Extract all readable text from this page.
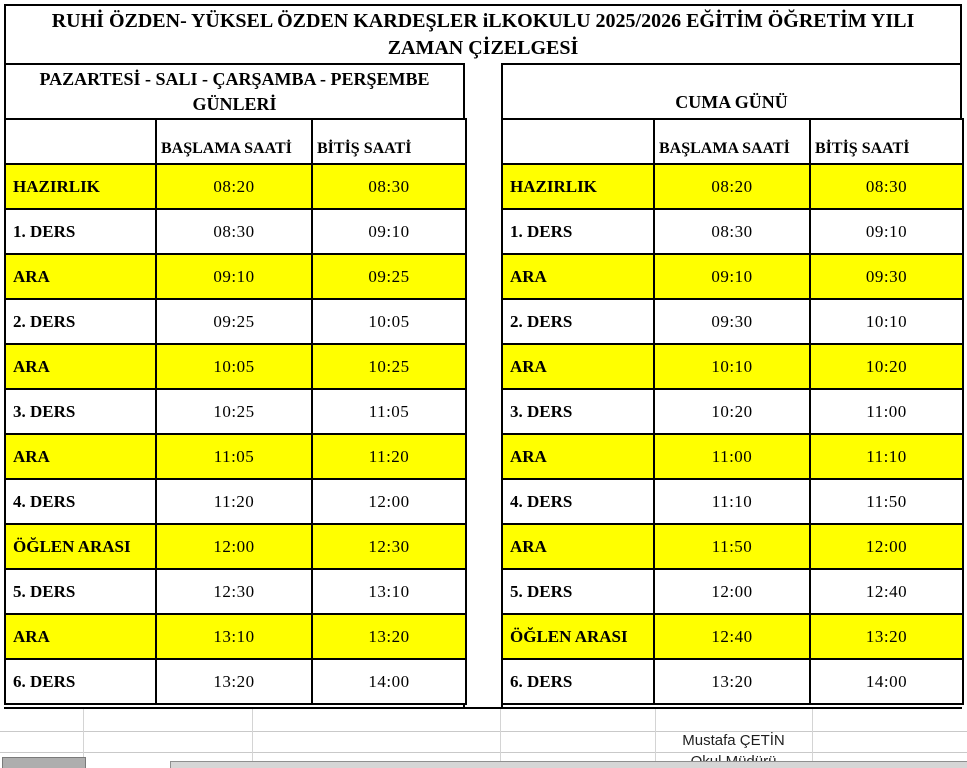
RUHİ ÖZDEN- YÜKSEL ÖZDEN KARDEŞLER iLKOKULU 2025/2026 EĞİTİM ÖĞRETİM YILI
ZAMAN ÇİZELGESİ
PAZARTESİ - SALI - ÇARŞAMBA - PERŞEMBE
GÜNLERİ	CUMA GÜNÜ
	BAŞLAMA SAATİ	BİTİŞ SAATİ
HAZIRLIK	08:20	08:30
1. DERS	08:30	09:10
ARA	09:10	09:25
2. DERS	09:25	10:05
ARA	10:05	10:25
3. DERS	10:25	11:05
ARA	11:05	11:20
4. DERS	11:20	12:00
ÖĞLEN ARASI	12:00	12:30
5. DERS	12:30	13:10
ARA	13:10	13:20
6. DERS	13:20	14:00
	BAŞLAMA SAATİ	BİTİŞ SAATİ
HAZIRLIK	08:20	08:30
1. DERS	08:30	09:10
ARA	09:10	09:30
2. DERS	09:30	10:10
ARA	10:10	10:20
3. DERS	10:20	11:00
ARA	11:00	11:10
4. DERS	11:10	11:50
ARA	11:50	12:00
5. DERS	12:00	12:40
ÖĞLEN ARASI	12:40	13:20
6. DERS	13:20	14:00
Mustafa ÇETİN
